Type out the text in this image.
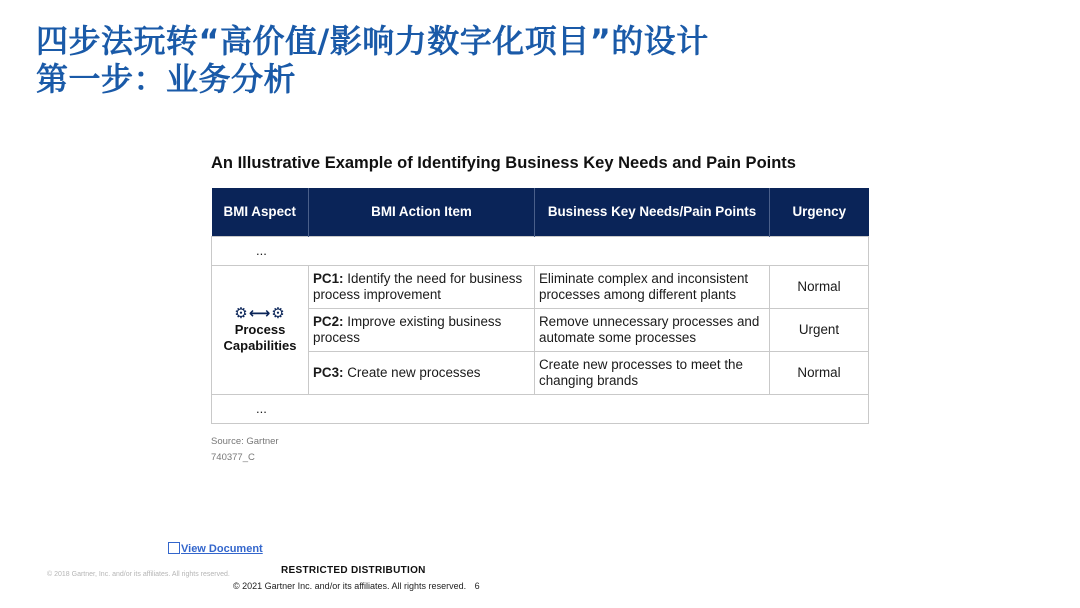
四步法玩转“高价值/影响力数字化项目”的设计
第一步：业务分析
An Illustrative Example of Identifying Business Key Needs and Pain Points
BMI Aspect	BMI Action Item	Business Key Needs/Pain Points	Urgency
...			

⚙⟷⚙
Process Capabilities	PC1: Identify the need for business process improvement	Eliminate complex and inconsistent processes among different plants	Normal
	PC2: Improve existing business process	Remove unnecessary processes and automate some processes	Urgent
	PC3: Create new processes	Create new processes to meet the changing brands	Normal
...			
Source: Gartner
740377_C
View Document
© 2018 Gartner, Inc. and/or its affiliates. All rights reserved.	RESTRICTED DISTRIBUTION
© 2021 Gartner Inc. and/or its affiliates. All rights reserved. 6
